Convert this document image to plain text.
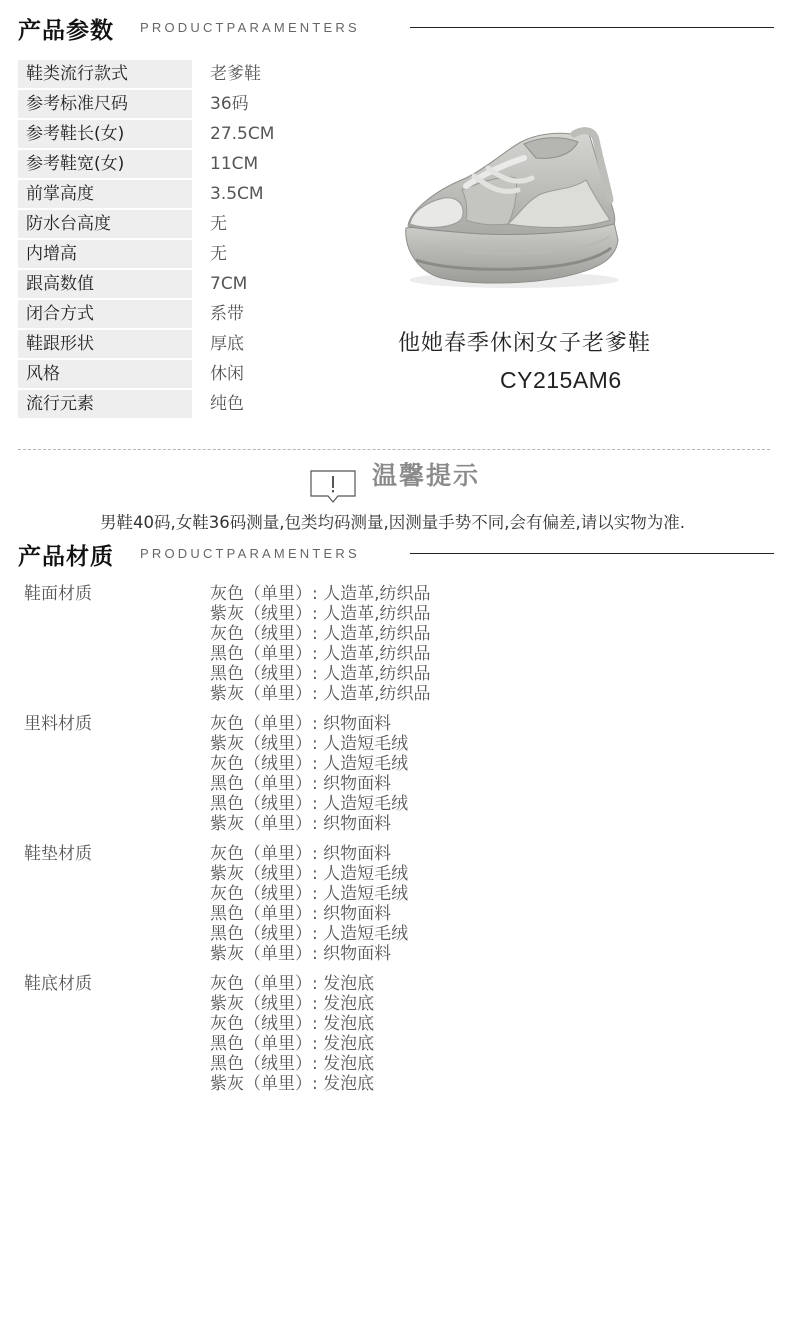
产品参数 PRODUCTPARAMENTERS
鞋类流行款式	老爹鞋
参考标准尺码	36码
参考鞋长(女)	27.5CM
参考鞋宽(女)	11CM
前掌高度	3.5CM
防水台高度	无
内增高	无
跟高数值	7CM
闭合方式	系带
鞋跟形状	厚底
风格	休闲
流行元素	纯色
他她春季休闲女子老爹鞋
CY215AM6
温馨提示
男鞋40码,女鞋36码测量,包类均码测量,因测量手势不同,会有偏差,请以实物为准.
产品材质 PRODUCTPARAMENTERS
鞋面材质	灰色（单里）: 人造革,纺织品
紫灰（绒里）: 人造革,纺织品
灰色（绒里）: 人造革,纺织品
黑色（单里）: 人造革,纺织品
黑色（绒里）: 人造革,纺织品
紫灰（单里）: 人造革,纺织品
里料材质	灰色（单里）: 织物面料
紫灰（绒里）: 人造短毛绒
灰色（绒里）: 人造短毛绒
黑色（单里）: 织物面料
黑色（绒里）: 人造短毛绒
紫灰（单里）: 织物面料
鞋垫材质	灰色（单里）: 织物面料
紫灰（绒里）: 人造短毛绒
灰色（绒里）: 人造短毛绒
黑色（单里）: 织物面料
黑色（绒里）: 人造短毛绒
紫灰（单里）: 织物面料
鞋底材质	灰色（单里）: 发泡底
紫灰（绒里）: 发泡底
灰色（绒里）: 发泡底
黑色（单里）: 发泡底
黑色（绒里）: 发泡底
紫灰（单里）: 发泡底
